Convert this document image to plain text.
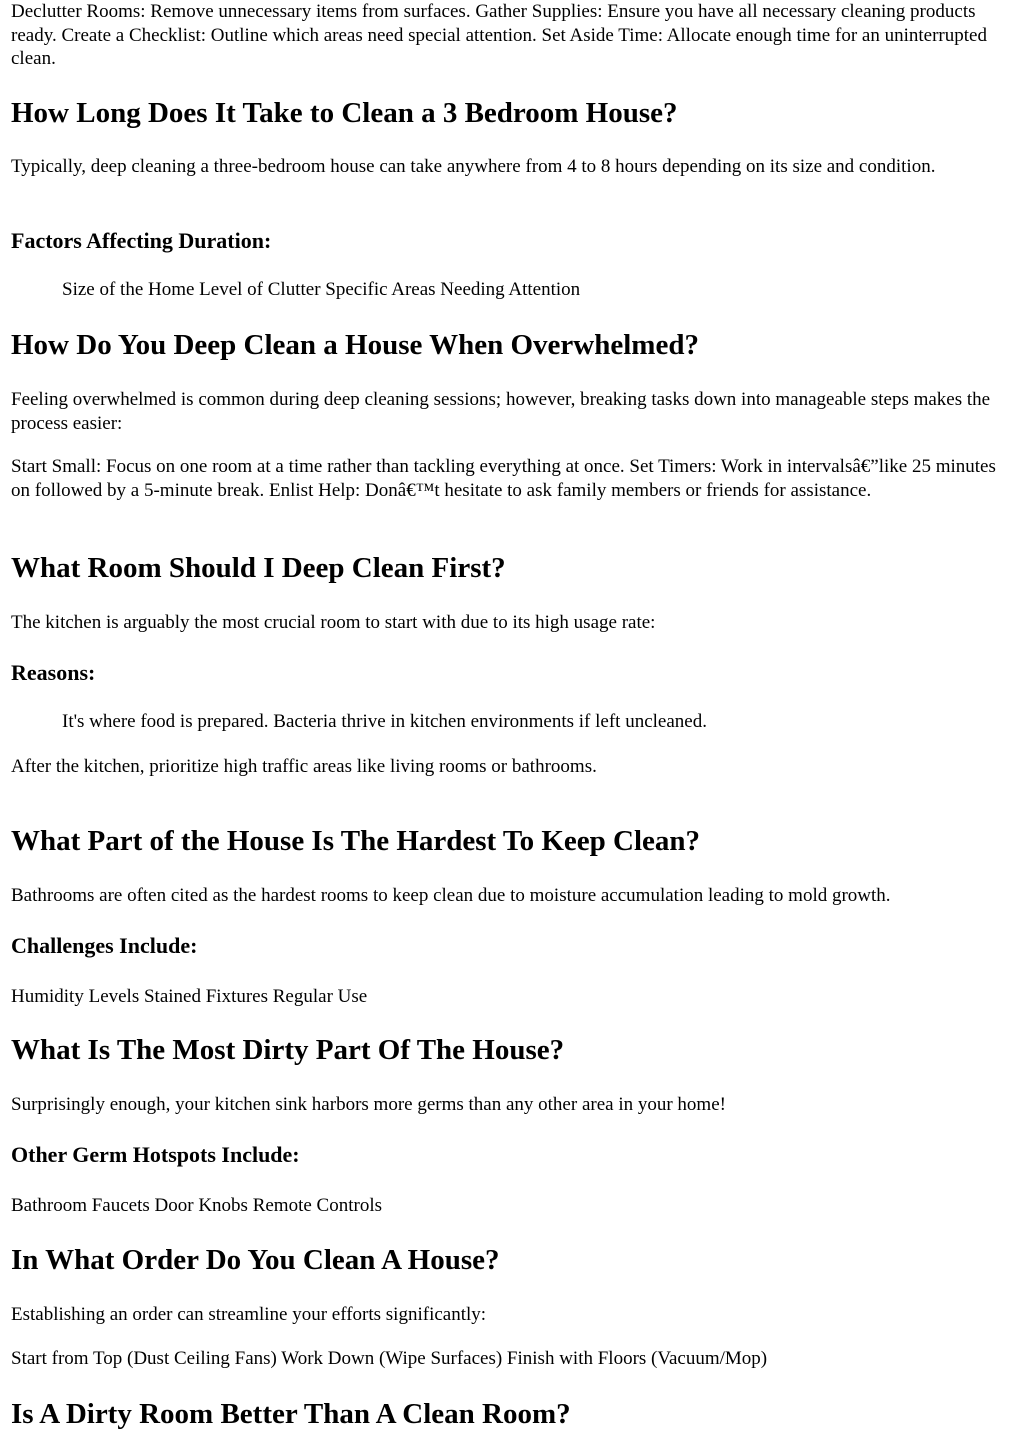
Declutter Rooms: Remove unnecessary items from surfaces. Gather Supplies: Ensure you have all necessary cleaning products ready. Create a Checklist: Outline which areas need special attention. Set Aside Time: Allocate enough time for an uninterrupted clean.

How Long Does It Take to Clean a 3 Bedroom House?

Typically, deep cleaning a three-bedroom house can take anywhere from 4 to 8 hours depending on its size and condition.

Factors Affecting Duration:

Size of the Home Level of Clutter Specific Areas Needing Attention

How Do You Deep Clean a House When Overwhelmed?

Feeling overwhelmed is common during deep cleaning sessions; however, breaking tasks down into manageable steps makes the process easier:

Start Small: Focus on one room at a time rather than tackling everything at once. Set Timers: Work in intervalsâ€”like 25 minutes on followed by a 5-minute break. Enlist Help: Donâ€™t hesitate to ask family members or friends for assistance.

What Room Should I Deep Clean First?

The kitchen is arguably the most crucial room to start with due to its high usage rate:

Reasons:

It's where food is prepared. Bacteria thrive in kitchen environments if left uncleaned.

After the kitchen, prioritize high traffic areas like living rooms or bathrooms.

What Part of the House Is The Hardest To Keep Clean?

Bathrooms are often cited as the hardest rooms to keep clean due to moisture accumulation leading to mold growth.

Challenges Include:

Humidity Levels Stained Fixtures Regular Use

What Is The Most Dirty Part Of The House?

Surprisingly enough, your kitchen sink harbors more germs than any other area in your home!

Other Germ Hotspots Include:

Bathroom Faucets Door Knobs Remote Controls

In What Order Do You Clean A House?

Establishing an order can streamline your efforts significantly:

Start from Top (Dust Ceiling Fans) Work Down (Wipe Surfaces) Finish with Floors (Vacuum/Mop)

Is A Dirty Room Better Than A Clean Room?
